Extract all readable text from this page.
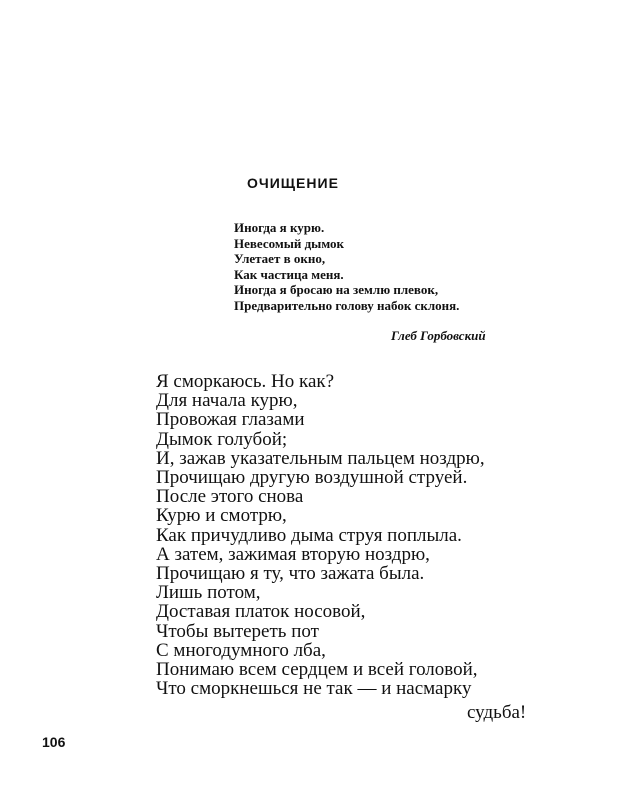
ОЧИЩЕНИЕ
Иногда я курю.
Невесомый дымок
Улетает в окно,
Как частица меня.
Иногда я бросаю на землю плевок,
Предварительно голову набок склоня.
Глеб Горбовский
Я сморкаюсь. Но как?
Для начала курю,
Провожая глазами
Дымок голубой;
И, зажав указательным пальцем ноздрю,
Прочищаю другую воздушной струей.
После этого снова
Курю и смотрю,
Как причудливо дыма струя поплыла.
А затем, зажимая вторую ноздрю,
Прочищаю я ту, что зажата была.
Лишь потом,
Доставая платок носовой,
Чтобы вытереть пот
С многодумного лба,
Понимаю всем сердцем и всей головой,
Что сморкнешься не так — и насмарку
судьба!
106
